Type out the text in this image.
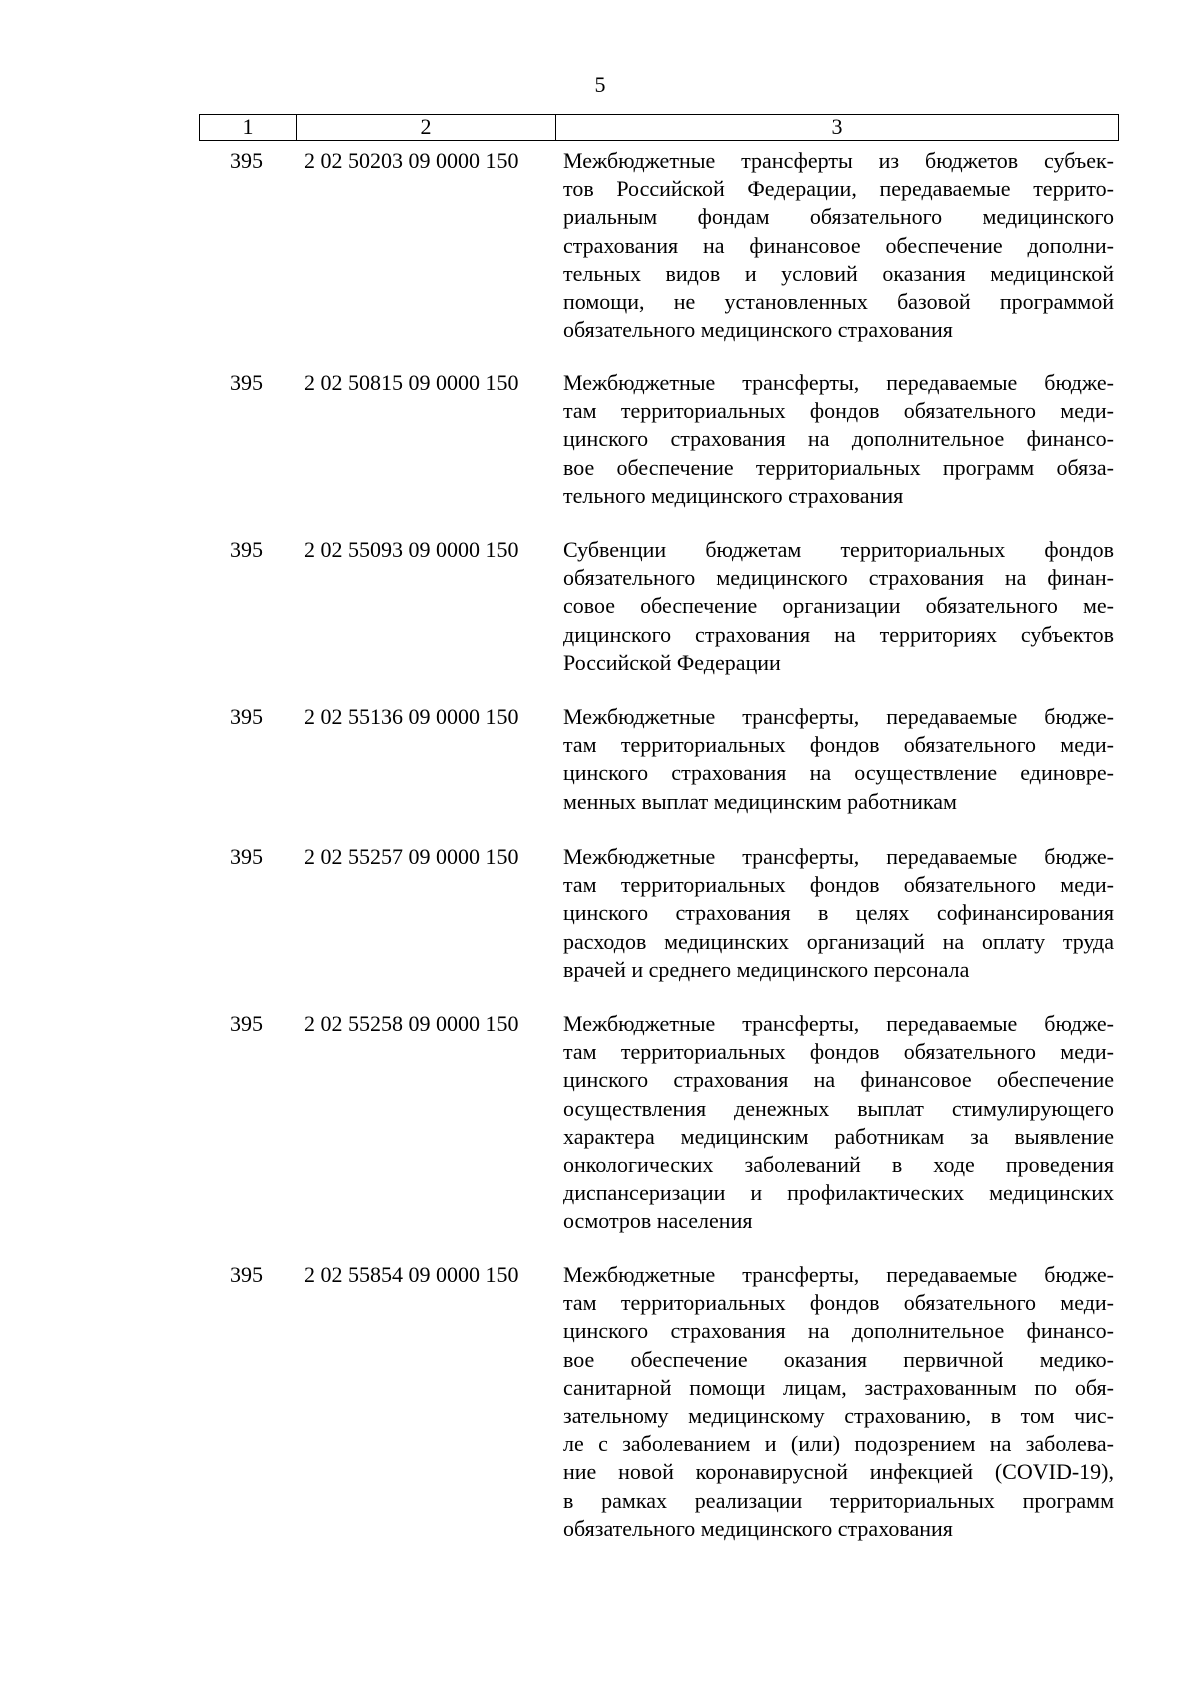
5
1	2	3
395	2 02 50203 09 0000 150	Межбюджетные трансферты из бюджетов субъек-
тов Российской Федерации, передаваемые террито-
риальным фондам обязательного медицинского
страхования на финансовое обеспечение дополни-
тельных видов и условий оказания медицинской
помощи, не установленных базовой программой
обязательного медицинского страхования
395	2 02 50815 09 0000 150	Межбюджетные трансферты, передаваемые бюдже-
там территориальных фондов обязательного меди-
цинского страхования на дополнительное финансо-
вое обеспечение территориальных программ обяза-
тельного медицинского страхования
395	2 02 55093 09 0000 150	Субвенции бюджетам территориальных фондов
обязательного медицинского страхования на финан-
совое обеспечение организации обязательного ме-
дицинского страхования на территориях субъектов
Российской Федерации
395	2 02 55136 09 0000 150	Межбюджетные трансферты, передаваемые бюдже-
там территориальных фондов обязательного меди-
цинского страхования на осуществление единовре-
менных выплат медицинским работникам
395	2 02 55257 09 0000 150	Межбюджетные трансферты, передаваемые бюдже-
там территориальных фондов обязательного меди-
цинского страхования в целях софинансирования
расходов медицинских организаций на оплату труда
врачей и среднего медицинского персонала
395	2 02 55258 09 0000 150	Межбюджетные трансферты, передаваемые бюдже-
там территориальных фондов обязательного меди-
цинского страхования на финансовое обеспечение
осуществления денежных выплат стимулирующего
характера медицинским работникам за выявление
онкологических заболеваний в ходе проведения
диспансеризации и профилактических медицинских
осмотров населения
395	2 02 55854 09 0000 150	Межбюджетные трансферты, передаваемые бюдже-
там территориальных фондов обязательного меди-
цинского страхования на дополнительное финансо-
вое обеспечение оказания первичной медико-
санитарной помощи лицам, застрахованным по обя-
зательному медицинскому страхованию, в том чис-
ле с заболеванием и (или) подозрением на заболева-
ние новой коронавирусной инфекцией (COVID-19),
в рамках реализации территориальных программ
обязательного медицинского страхования
